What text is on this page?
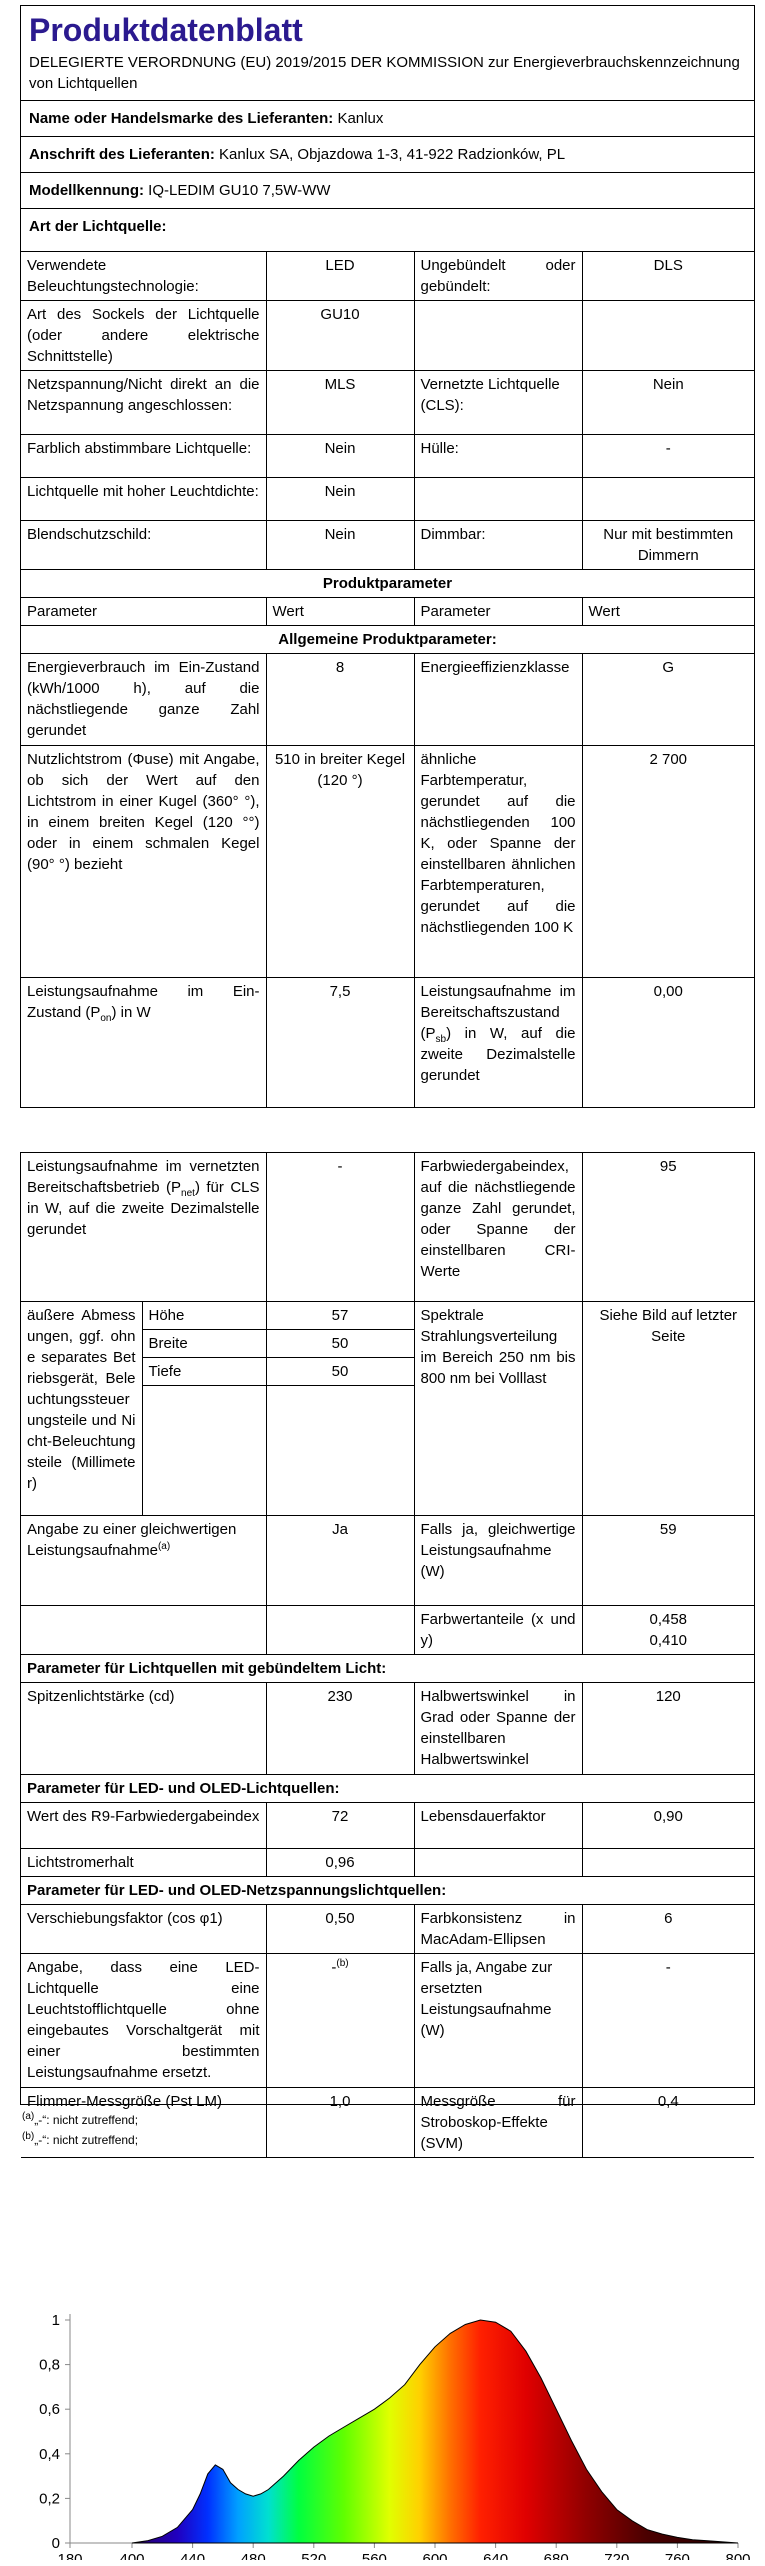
Produktdatenblatt
DELEGIERTE VERORDNUNG (EU) 2019/2015 DER KOMMISSION zur Energieverbrauchskennzeichnung von Lichtquellen
Name oder Handelsmarke des Lieferanten: Kanlux
Anschrift des Lieferanten: Kanlux SA, Objazdowa 1-3, 41-922 Radzionków, PL
Modellkennung: IQ-LEDIM GU10 7,5W-WW
Art der Lichtquelle:
Verwendete Beleuchtungstechnologie:	LED	Ungebündelt oder gebündelt:	DLS
Art des Sockels der Lichtquelle (oder andere elektrische Schnittstelle)	GU10		
Netzspannung/Nicht direkt an die Netzspannung angeschlossen:	MLS	Vernetzte Lichtquelle (CLS):	Nein
Farblich abstimmbare Lichtquelle:	Nein	Hülle:	-
Lichtquelle mit hoher Leuchtdichte:	Nein		
Blendschutzschild:	Nein	Dimmbar:	Nur mit bestimmten Dimmern
Produktparameter			
Parameter	Wert	Parameter	Wert
Allgemeine Produktparameter:			
Energieverbrauch im Ein-Zustand (kWh/1000 h), auf die nächstliegende ganze Zahl gerundet	8	Energieeffizienzklasse	G
Nutzlichtstrom (Φuse) mit Angabe, ob sich der Wert auf den Lichtstrom in einer Kugel (360° °), in einem breiten Kegel (120 °°) oder in einem schmalen Kegel (90° °) bezieht	510 in breiter Kegel (120 °)	ähnliche Farbtemperatur, gerundet auf die nächstliegenden 100 K, oder Spanne der einstellbaren ähnlichen Farbtemperaturen, gerundet auf die nächstliegenden 100 K	2 700
Leistungsaufnahme im Ein-Zustand $(P_{on})$ in W	7,5	Leistungsaufnahme im Bereitschaftszustand $(P_{sb})$ in W, auf die zweite Dezimalstelle gerundet	0,00
Leistungsaufnahme im vernetzten Bereitschaftsbetrieb $(P_{net})$ für CLS in W, auf die zweite Dezimalstelle gerundet		-	Farbwiedergabeindex, auf die nächstliegende ganze Zahl gerundet, oder Spanne der einstellbaren CRI-Werte	95
äußere Abmessungen, ggf. ohne separates Betriebsgerät, Beleuchtungssteuerungsteile und Nicht-Beleuchtungsteile (Millimeter)	Höhe	57	Spektrale Strahlungsverteilung im Bereich 250 nm bis 800 nm bei Volllast	Siehe Bild auf letzter Seite
	Breite	50		
	Tiefe	50		

Angabe zu einer gleichwertigen Leistungsaufnahme$^{(a)}$		Ja	Falls ja, gleichwertige Leistungsaufnahme (W)	59
			Farbwertanteile (x und y)	0,458
0,410

Parameter für Lichtquellen mit gebündeltem Licht:				
Spitzenlichtstärke (cd)		230	Halbwertswinkel in Grad oder Spanne der einstellbaren Halbwertswinkel	120
Parameter für LED- und OLED-Lichtquellen:				
Wert des R9-Farbwiedergabeindex		72	Lebensdauerfaktor	0,90
Lichtstromerhalt		0,96		
Parameter für LED- und OLED-Netzspannungslichtquellen:				
Verschiebungsfaktor (cos φ1)		0,50	Farbkonsistenz in MacAdam-Ellipsen	6
Angabe, dass eine LED-Lichtquelle eine Leuchtstofflichtquelle ohne eingebautes Vorschaltgerät mit einer bestimmten Leistungsaufnahme ersetzt.		-$^{(b)}$	Falls ja, Angabe zur ersetzten Leistungsaufnahme (W)	-
Flimmer-Messgröße (Pst LM)		1,0	Messgröße für Stroboskop-Effekte (SVM)	0,4
$^{(a)}$„-“: nicht zutreffend;
$^{(b)}$„-“: nicht zutreffend;
0
0,2
0,4
0,6
0,8
1
180 400 440 480 520 560 600 640 680 720 760 800
